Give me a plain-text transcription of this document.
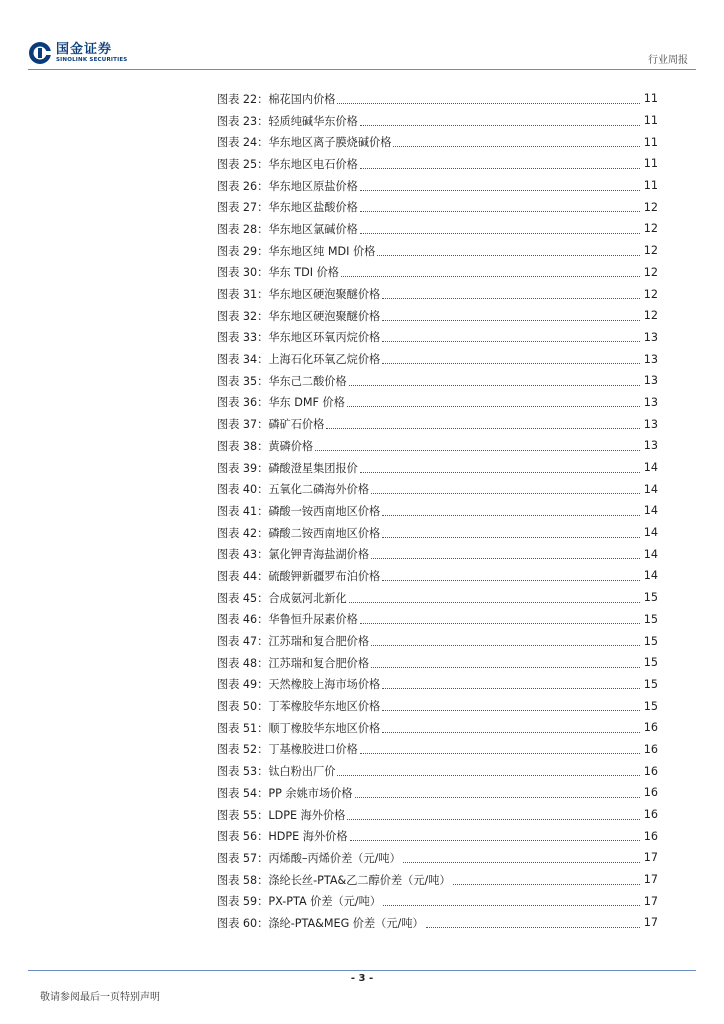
国金证券
SINOLINK SECURITIES	行业周报
图表 22：棉花国内价格	11
图表 23：轻质纯碱华东价格	11
图表 24：华东地区离子膜烧碱价格	11
图表 25：华东地区电石价格	11
图表 26：华东地区原盐价格	11
图表 27：华东地区盐酸价格	12
图表 28：华东地区氯碱价格	12
图表 29：华东地区纯 MDI 价格	12
图表 30：华东 TDI 价格	12
图表 31：华东地区硬泡聚醚价格	12
图表 32：华东地区硬泡聚醚价格	12
图表 33：华东地区环氧丙烷价格	13
图表 34：上海石化环氧乙烷价格	13
图表 35：华东己二酸价格	13
图表 36：华东 DMF 价格	13
图表 37：磷矿石价格	13
图表 38：黄磷价格	13
图表 39：磷酸澄星集团报价	14
图表 40：五氧化二磷海外价格	14
图表 41：磷酸一铵西南地区价格	14
图表 42：磷酸二铵西南地区价格	14
图表 43：氯化钾青海盐湖价格	14
图表 44：硫酸钾新疆罗布泊价格	14
图表 45：合成氨河北新化	15
图表 46：华鲁恒升尿素价格	15
图表 47：江苏瑞和复合肥价格	15
图表 48：江苏瑞和复合肥价格	15
图表 49：天然橡胶上海市场价格	15
图表 50：丁苯橡胶华东地区价格	15
图表 51：顺丁橡胶华东地区价格	16
图表 52：丁基橡胶进口价格	16
图表 53：钛白粉出厂价	16
图表 54：PP 余姚市场价格	16
图表 55：LDPE 海外价格	16
图表 56：HDPE 海外价格	16
图表 57：丙烯酸–丙烯价差（元/吨）	17
图表 58：涤纶长丝-PTA&乙二醇价差（元/吨）	17
图表 59：PX-PTA 价差（元/吨）	17
图表 60：涤纶-PTA&MEG 价差（元/吨）	17
- 3 -
敬请参阅最后一页特别声明
